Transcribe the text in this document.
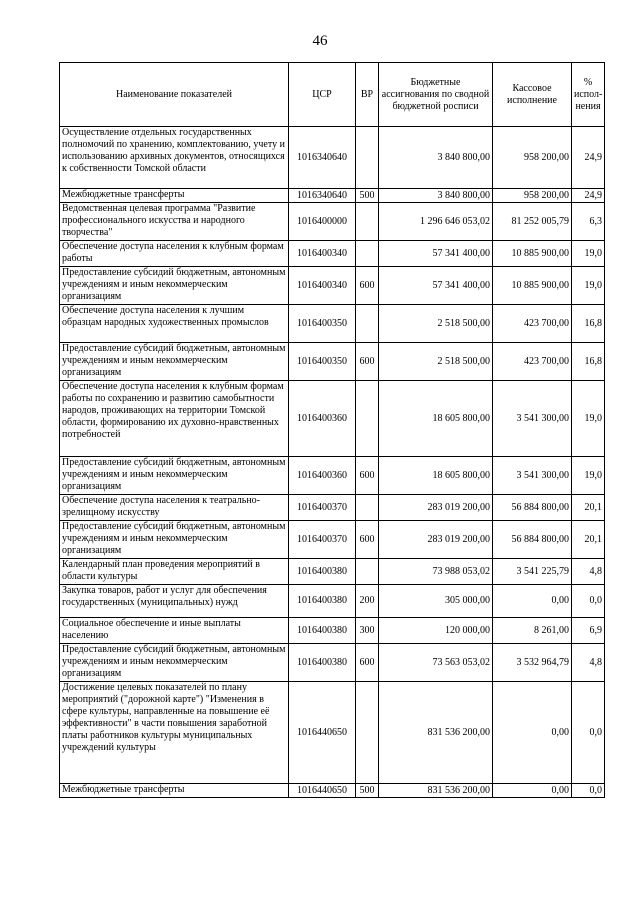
46
Наименование показателей	ЦСР	ВР	Бюджетные ассигнования по сводной бюджетной росписи	Кассовое исполнение	% испол-нения
Осуществление отдельных государственных полномочий по хранению, комплектованию, учету и использованию архивных документов, относящихся к собственности Томской области	1016340640		3 840 800,00	958 200,00	24,9
Межбюджетные трансферты	1016340640	500	3 840 800,00	958 200,00	24,9
Ведомственная целевая программа "Развитие профессионального искусства и народного творчества"	1016400000		1 296 646 053,02	81 252 005,79	6,3
Обеспечение доступа населения к клубным формам работы	1016400340		57 341 400,00	10 885 900,00	19,0
Предоставление субсидий бюджетным, автономным учреждениям и иным некоммерческим организациям	1016400340	600	57 341 400,00	10 885 900,00	19,0
Обеспечение доступа населения к лучшим образцам народных художественных промыслов	1016400350		2 518 500,00	423 700,00	16,8
Предоставление субсидий бюджетным, автономным учреждениям и иным некоммерческим организациям	1016400350	600	2 518 500,00	423 700,00	16,8
Обеспечение доступа населения к клубным формам работы по сохранению и развитию самобытности народов, проживающих на территории Томской области, формированию их духовно-нравственных потребностей	1016400360		18 605 800,00	3 541 300,00	19,0
Предоставление субсидий бюджетным, автономным учреждениям и иным некоммерческим организациям	1016400360	600	18 605 800,00	3 541 300,00	19,0
Обеспечение доступа населения к театрально-зрелищному искусству	1016400370		283 019 200,00	56 884 800,00	20,1
Предоставление субсидий бюджетным, автономным учреждениям и иным некоммерческим организациям	1016400370	600	283 019 200,00	56 884 800,00	20,1
Календарный план проведения мероприятий в области культуры	1016400380		73 988 053,02	3 541 225,79	4,8
Закупка товаров, работ и услуг для обеспечения государственных (муниципальных) нужд	1016400380	200	305 000,00	0,00	0,0
Социальное обеспечение и иные выплаты населению	1016400380	300	120 000,00	8 261,00	6,9
Предоставление субсидий бюджетным, автономным учреждениям и иным некоммерческим организациям	1016400380	600	73 563 053,02	3 532 964,79	4,8
Достижение целевых показателей по плану мероприятий ("дорожной карте") "Изменения в сфере культуры, направленные на повышение её эффективности" в части повышения заработной платы работников культуры муниципальных учреждений культуры	1016440650		831 536 200,00	0,00	0,0
Межбюджетные трансферты	1016440650	500	831 536 200,00	0,00	0,0
